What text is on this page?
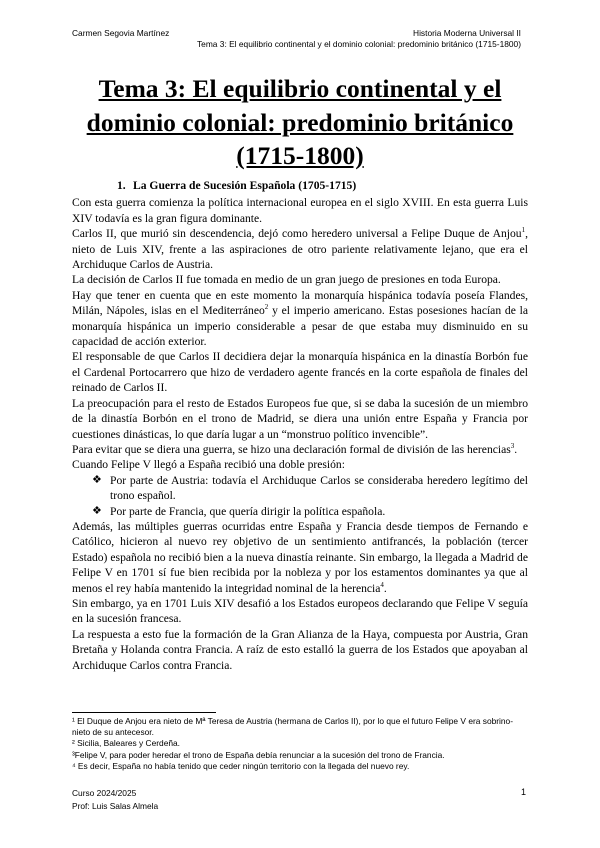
Carmen Segovia Martínez	Historia Moderna Universal II
Tema 3: El equilibrio continental y el dominio colonial: predominio británico (1715-1800)
Tema 3: El equilibrio continental y el dominio colonial: predominio británico (1715-1800)
1. La Guerra de Sucesión Española (1705-1715)

Con esta guerra comienza la política internacional europea en el siglo XVIII. En esta guerra Luis XIV todavía es la gran figura dominante.

Carlos II, que murió sin descendencia, dejó como heredero universal a Felipe Duque de Anjou$^1$, nieto de Luis XIV, frente a las aspiraciones de otro pariente relativamente lejano, que era el Archiduque Carlos de Austria.

La decisión de Carlos II fue tomada en medio de un gran juego de presiones en toda Europa.

Hay que tener en cuenta que en este momento la monarquía hispánica todavía poseía Flandes, Milán, Nápoles, islas en el Mediterráneo$^2$ y el imperio americano. Estas posesiones hacían de la monarquía hispánica un imperio considerable a pesar de que estaba muy disminuido en su capacidad de acción exterior.

El responsable de que Carlos II decidiera dejar la monarquía hispánica en la dinastía Borbón fue el Cardenal Portocarrero que hizo de verdadero agente francés en la corte española de finales del reinado de Carlos II.

La preocupación para el resto de Estados Europeos fue que, si se daba la sucesión de un miembro de la dinastía Borbón en el trono de Madrid, se diera una unión entre España y Francia por cuestiones dinásticas, lo que daría lugar a un “monstruo político invencible”.

Para evitar que se diera una guerra, se hizo una declaración formal de división de las herencias$^3$.

Cuando Felipe V llegó a España recibió una doble presión:

❖ Por parte de Austria: todavía el Archiduque Carlos se consideraba heredero legítimo del trono español.
❖ Por parte de Francia, que quería dirigir la política española.

Además, las múltiples guerras ocurridas entre España y Francia desde tiempos de Fernando e Católico, hicieron al nuevo rey objetivo de un sentimiento antifrancés, la población (tercer Estado) española no recibió bien a la nueva dinastía reinante. Sin embargo, la llegada a Madrid de Felipe V en 1701 sí fue bien recibida por la nobleza y por los estamentos dominantes ya que al menos el rey había mantenido la integridad nominal de la herencia$^4$.

Sin embargo, ya en 1701 Luis XIV desafió a los Estados europeos declarando que Felipe V seguía en la sucesión francesa.

La respuesta a esto fue la formación de la Gran Alianza de la Haya, compuesta por Austria, Gran Bretaña y Holanda contra Francia. A raíz de esto estalló la guerra de los Estados que apoyaban al Archiduque Carlos contra Francia.

¹ El Duque de Anjou era nieto de Mª Teresa de Austria (hermana de Carlos II), por lo que el futuro Felipe V era sobrino-nieto de su antecesor.

² Sicilia, Baleares y Cerdeña.

³Felipe V, para poder heredar el trono de España debía renunciar a la sucesión del trono de Francia.

⁴ Es decir, España no había tenido que ceder ningún territorio con la llegada del nuevo rey.

Curso 2024/2025
Prof: Luis Salas Almela
1
